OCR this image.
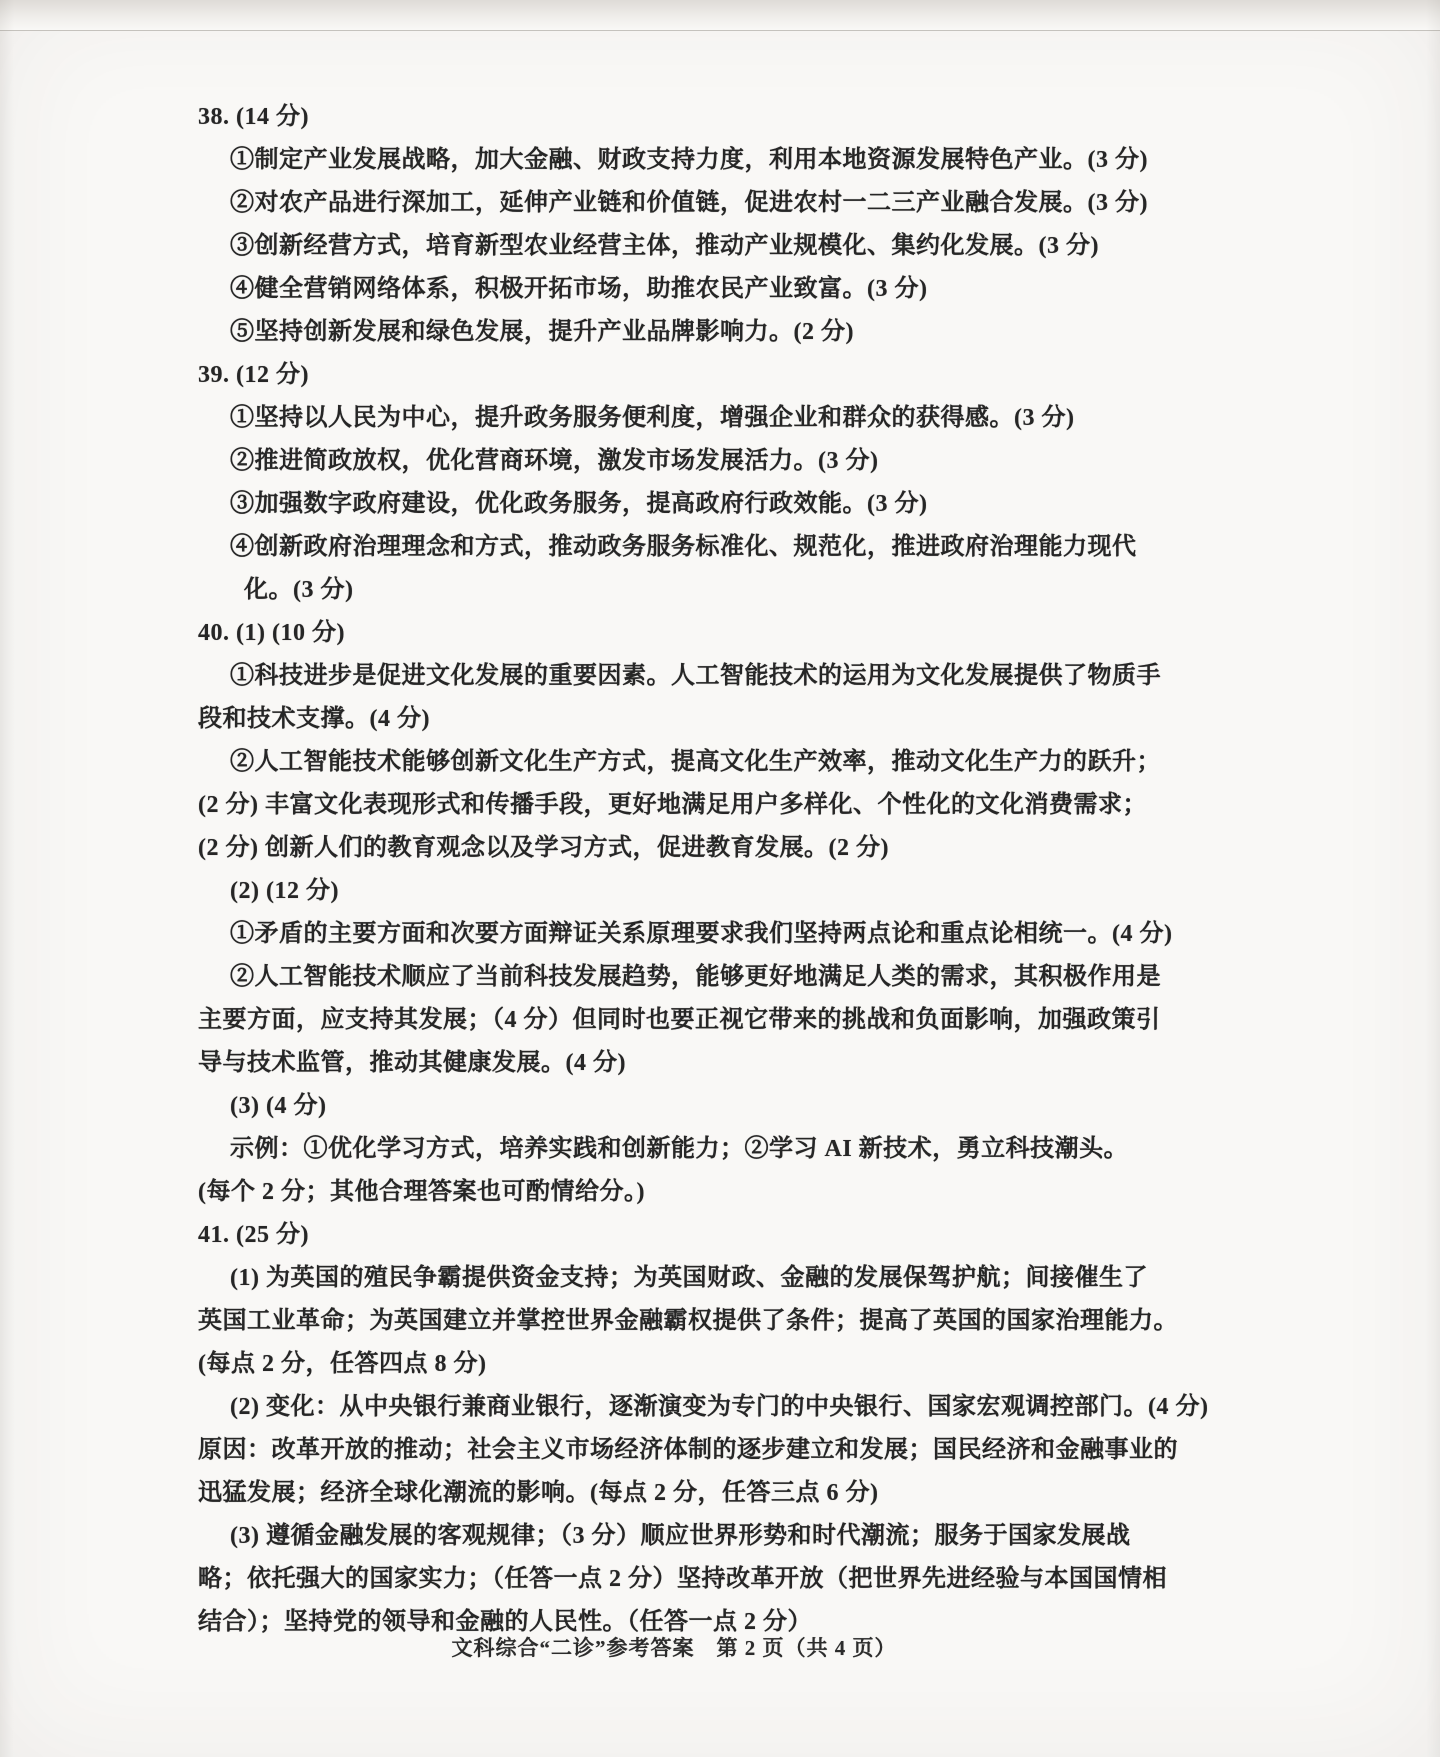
38. (14 分)
①制定产业发展战略，加大金融、财政支持力度，利用本地资源发展特色产业。(3 分)
②对农产品进行深加工，延伸产业链和价值链，促进农村一二三产业融合发展。(3 分)
③创新经营方式，培育新型农业经营主体，推动产业规模化、集约化发展。(3 分)
④健全营销网络体系，积极开拓市场，助推农民产业致富。(3 分)
⑤坚持创新发展和绿色发展，提升产业品牌影响力。(2 分)
39. (12 分)
①坚持以人民为中心，提升政务服务便利度，增强企业和群众的获得感。(3 分)
②推进简政放权，优化营商环境，激发市场发展活力。(3 分)
③加强数字政府建设，优化政务服务，提高政府行政效能。(3 分)
④创新政府治理理念和方式，推动政务服务标准化、规范化，推进政府治理能力现代
化。(3 分)
40. (1) (10 分)
①科技进步是促进文化发展的重要因素。人工智能技术的运用为文化发展提供了物质手
段和技术支撑。(4 分)
②人工智能技术能够创新文化生产方式，提高文化生产效率，推动文化生产力的跃升；
(2 分) 丰富文化表现形式和传播手段，更好地满足用户多样化、个性化的文化消费需求；
(2 分) 创新人们的教育观念以及学习方式，促进教育发展。(2 分)
(2) (12 分)
①矛盾的主要方面和次要方面辩证关系原理要求我们坚持两点论和重点论相统一。(4 分)
②人工智能技术顺应了当前科技发展趋势，能够更好地满足人类的需求，其积极作用是
主要方面，应支持其发展；（4 分）但同时也要正视它带来的挑战和负面影响，加强政策引
导与技术监管，推动其健康发展。(4 分)
(3) (4 分)
示例：①优化学习方式，培养实践和创新能力；②学习 AI 新技术，勇立科技潮头。
(每个 2 分；其他合理答案也可酌情给分。)
41. (25 分)
(1) 为英国的殖民争霸提供资金支持；为英国财政、金融的发展保驾护航；间接催生了
英国工业革命；为英国建立并掌控世界金融霸权提供了条件；提高了英国的国家治理能力。
(每点 2 分，任答四点 8 分)
(2) 变化：从中央银行兼商业银行，逐渐演变为专门的中央银行、国家宏观调控部门。(4 分)
原因：改革开放的推动；社会主义市场经济体制的逐步建立和发展；国民经济和金融事业的
迅猛发展；经济全球化潮流的影响。(每点 2 分，任答三点 6 分)
(3) 遵循金融发展的客观规律；（3 分）顺应世界形势和时代潮流；服务于国家发展战
略；依托强大的国家实力；（任答一点 2 分）坚持改革开放（把世界先进经验与本国国情相
结合）；坚持党的领导和金融的人民性。（任答一点 2 分）
文科综合“二诊”参考答案　第 2 页（共 4 页）
